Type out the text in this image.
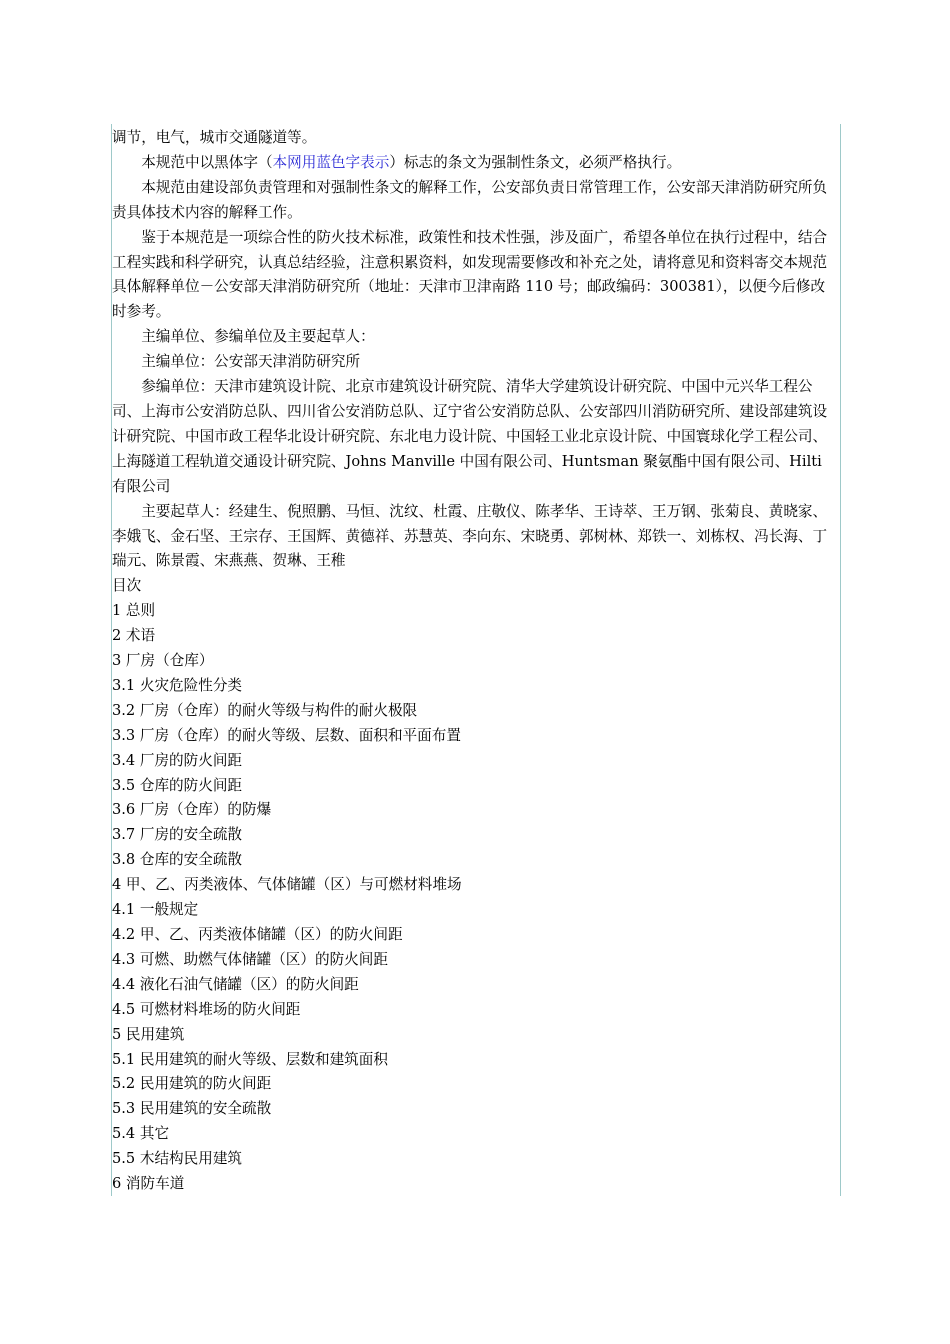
调节，电气，城市交通隧道等。

本规范中以黑体字（本网用蓝色字表示）标志的条文为强制性条文，必须严格执行。

本规范由建设部负责管理和对强制性条文的解释工作，公安部负责日常管理工作，公安部天津消防研究所负责具体技术内容的解释工作。

鉴于本规范是一项综合性的防火技术标准，政策性和技术性强，涉及面广，希望各单位在执行过程中，结合工程实践和科学研究，认真总结经验，注意积累资料，如发现需要修改和补充之处，请将意见和资料寄交本规范具体解释单位－公安部天津消防研究所（地址：天津市卫津南路 110 号；邮政编码：300381），以便今后修改时参考。

主编单位、参编单位及主要起草人：

主编单位：公安部天津消防研究所

参编单位：天津市建筑设计院、北京市建筑设计研究院、清华大学建筑设计研究院、中国中元兴华工程公司、上海市公安消防总队、四川省公安消防总队、辽宁省公安消防总队、公安部四川消防研究所、建设部建筑设计研究院、中国市政工程华北设计研究院、东北电力设计院、中国轻工业北京设计院、中国寰球化学工程公司、上海隧道工程轨道交通设计研究院、Johns Manville 中国有限公司、Huntsman 聚氨酯中国有限公司、Hilti 有限公司

主要起草人：经建生、倪照鹏、马恒、沈纹、杜霞、庄敬仪、陈孝华、王诗萃、王万钢、张菊良、黄晓家、李娥飞、金石坚、王宗存、王国辉、黄德祥、苏慧英、李向东、宋晓勇、郭树林、郑铁一、刘栋权、冯长海、丁瑞元、陈景霞、宋燕燕、贺琳、王稚

目次

1 总则

2 术语

3 厂房（仓库）

3.1 火灾危险性分类

3.2 厂房（仓库）的耐火等级与构件的耐火极限

3.3 厂房（仓库）的耐火等级、层数、面积和平面布置

3.4 厂房的防火间距

3.5 仓库的防火间距

3.6 厂房（仓库）的防爆

3.7 厂房的安全疏散

3.8 仓库的安全疏散

4 甲、乙、丙类液体、气体储罐（区）与可燃材料堆场

4.1 一般规定

4.2 甲、乙、丙类液体储罐（区）的防火间距

4.3 可燃、助燃气体储罐（区）的防火间距

4.4 液化石油气储罐（区）的防火间距

4.5 可燃材料堆场的防火间距

5 民用建筑

5.1 民用建筑的耐火等级、层数和建筑面积

5.2 民用建筑的防火间距

5.3 民用建筑的安全疏散

5.4 其它

5.5 木结构民用建筑

6 消防车道
